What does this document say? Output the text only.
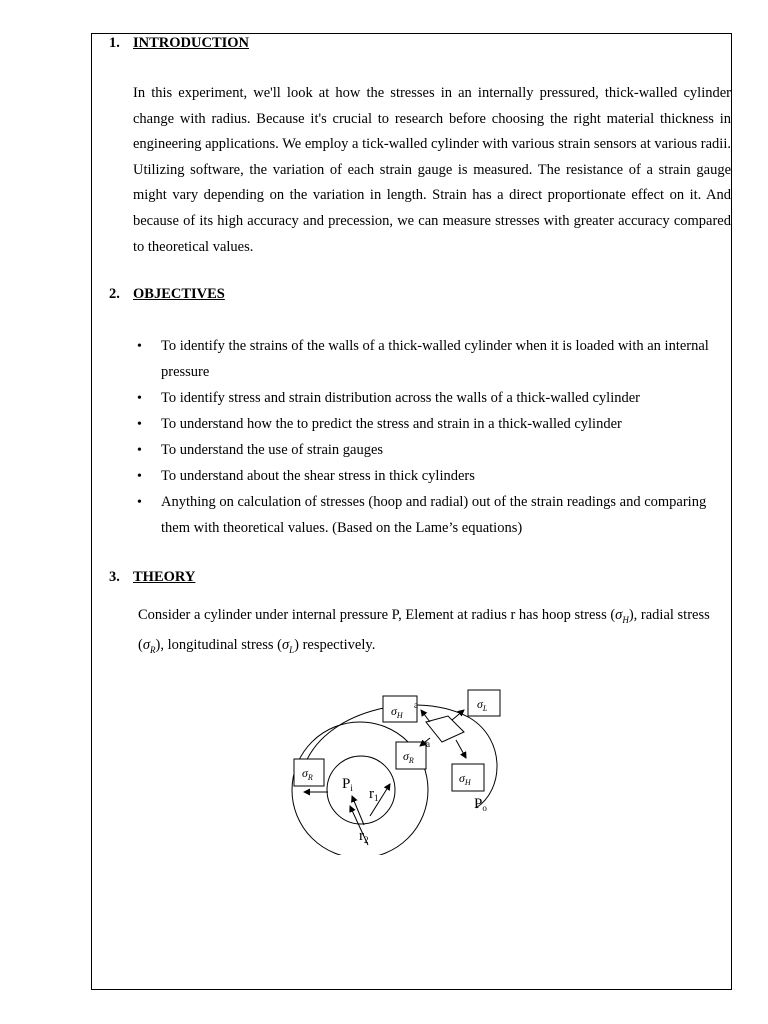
1. INTRODUCTION
In this experiment, we'll look at how the stresses in an internally pressured, thick-walled cylinder change with radius. Because it's crucial to research before choosing the right material thickness in engineering applications. We employ a tick-walled cylinder with various strain sensors at various radii. Utilizing software, the variation of each strain gauge is measured. The resistance of a strain gauge might vary depending on the variation in length. Strain has a direct proportionate effect on it. And because of its high accuracy and precession, we can measure stresses with greater accuracy compared to theoretical values.
2. OBJECTIVES
• To identify the strains of the walls of a thick-walled cylinder when it is loaded with an internal pressure
• To identify stress and strain distribution across the walls of a thick-walled cylinder
• To understand how the to predict the stress and strain in a thick-walled cylinder
• To understand the use of strain gauges
• To understand about the shear stress in thick cylinders
• Anything on calculation of stresses (hoop and radial) out of the strain readings and comparing them with theoretical values. (Based on the Lame’s equations)
3. THEORY
Consider a cylinder under internal pressure P, Element at radius r has hoop stress $(\sigma_H)$, radial stress $(\sigma_R)$, longitudinal stress $(\sigma_L)$ respectively.
$\sigma_H$
$\sigma_L$
$\sigma_R$
$\sigma_R$	$\sigma_H$
$P_i$
$P_o$
$r_1$
$r_2$
a
a
